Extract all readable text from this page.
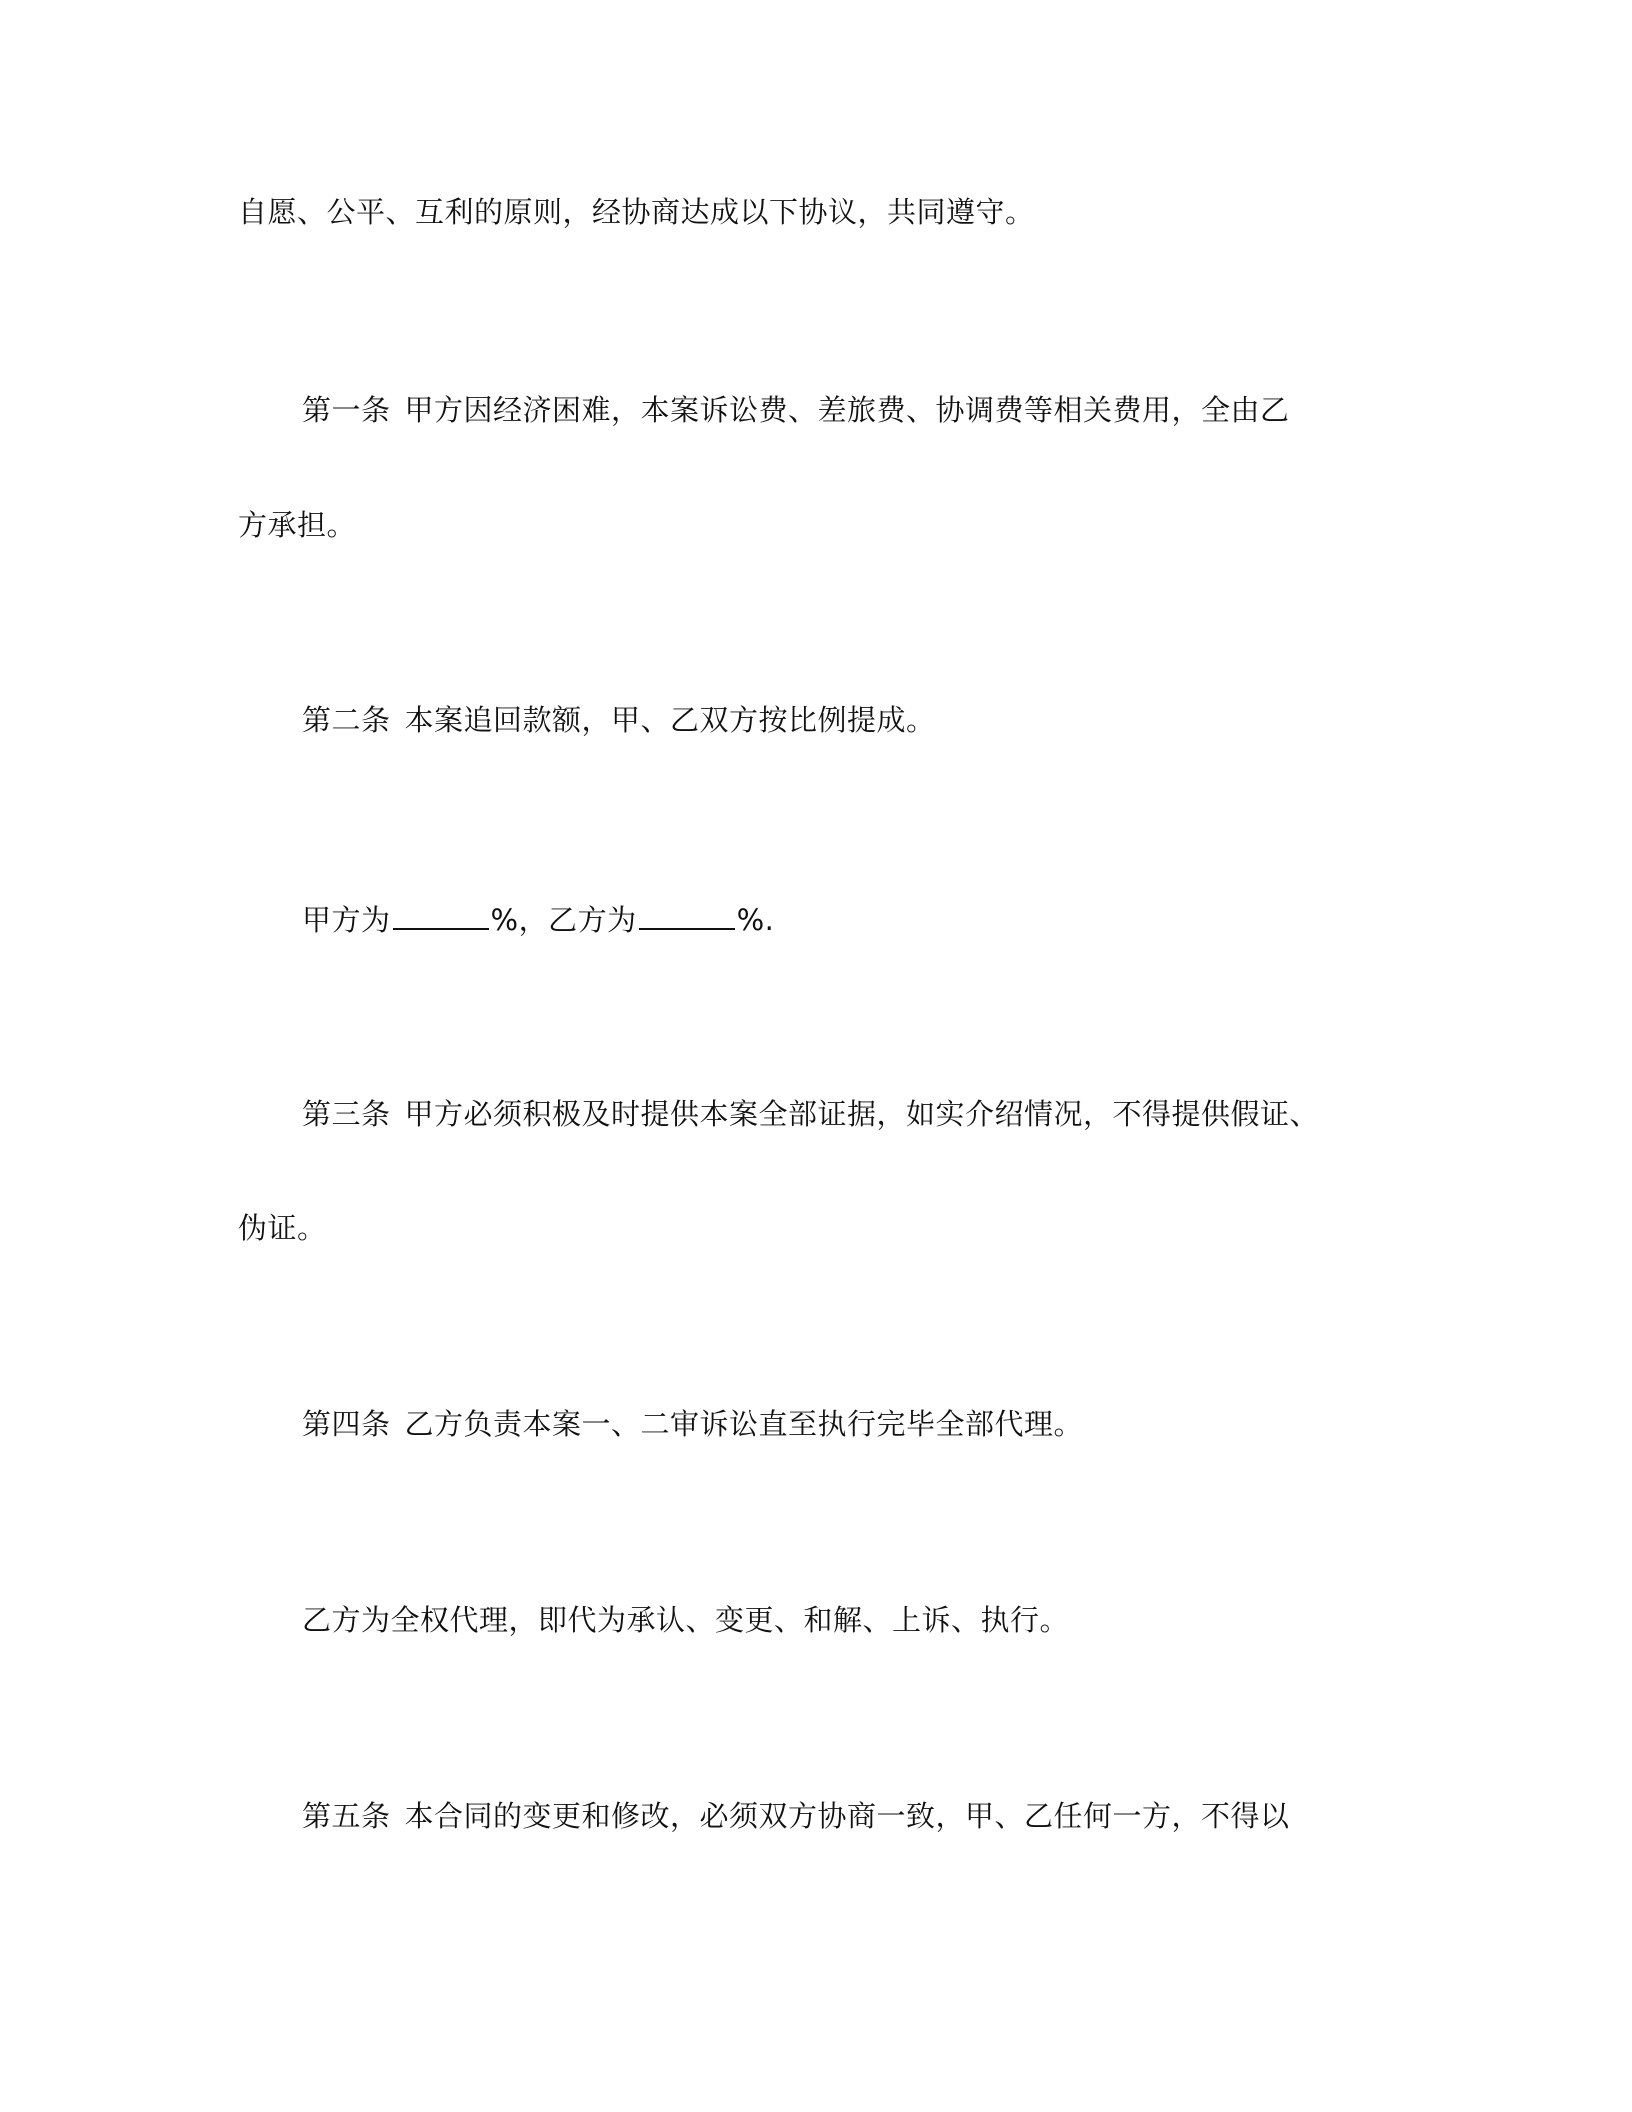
自愿、公平、互利的原则，经协商达成以下协议，共同遵守。
第一条 甲方因经济困难，本案诉讼费、差旅费、协调费等相关费用，全由乙
方承担。
第二条 本案追回款额，甲、乙双方按比例提成。
甲方为	%，乙方为	%.
第三条 甲方必须积极及时提供本案全部证据，如实介绍情况，不得提供假证、
伪证。
第四条 乙方负责本案一、二审诉讼直至执行完毕全部代理。
乙方为全权代理，即代为承认、变更、和解、上诉、执行。
第五条 本合同的变更和修改，必须双方协商一致，甲、乙任何一方，不得以
